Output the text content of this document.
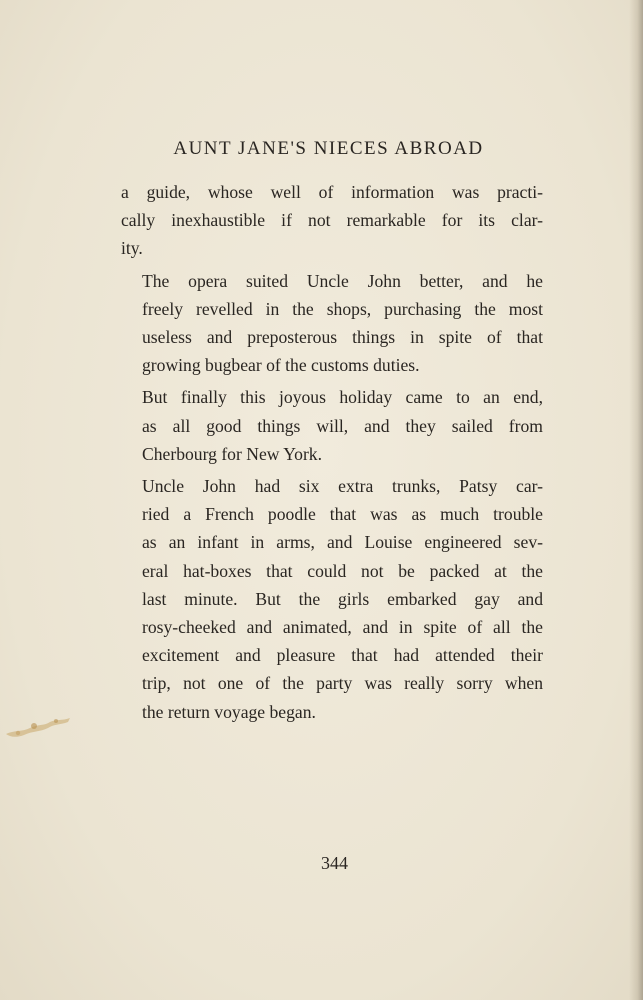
AUNT JANE'S NIECES ABROAD

a guide, whose well of information was practi-
cally inexhaustible if not remarkable for its clar-
ity.

The opera suited Uncle John better, and he
freely revelled in the shops, purchasing the most
useless and preposterous things in spite of that
growing bugbear of the customs duties.

But finally this joyous holiday came to an end,
as all good things will, and they sailed from
Cherbourg for New York.

Uncle John had six extra trunks, Patsy car-
ried a French poodle that was as much trouble
as an infant in arms, and Louise engineered sev-
eral hat-boxes that could not be packed at the
last minute. But the girls embarked gay and
rosy-cheeked and animated, and in spite of all the
excitement and pleasure that had attended their
trip, not one of the party was really sorry when
the return voyage began.

344
